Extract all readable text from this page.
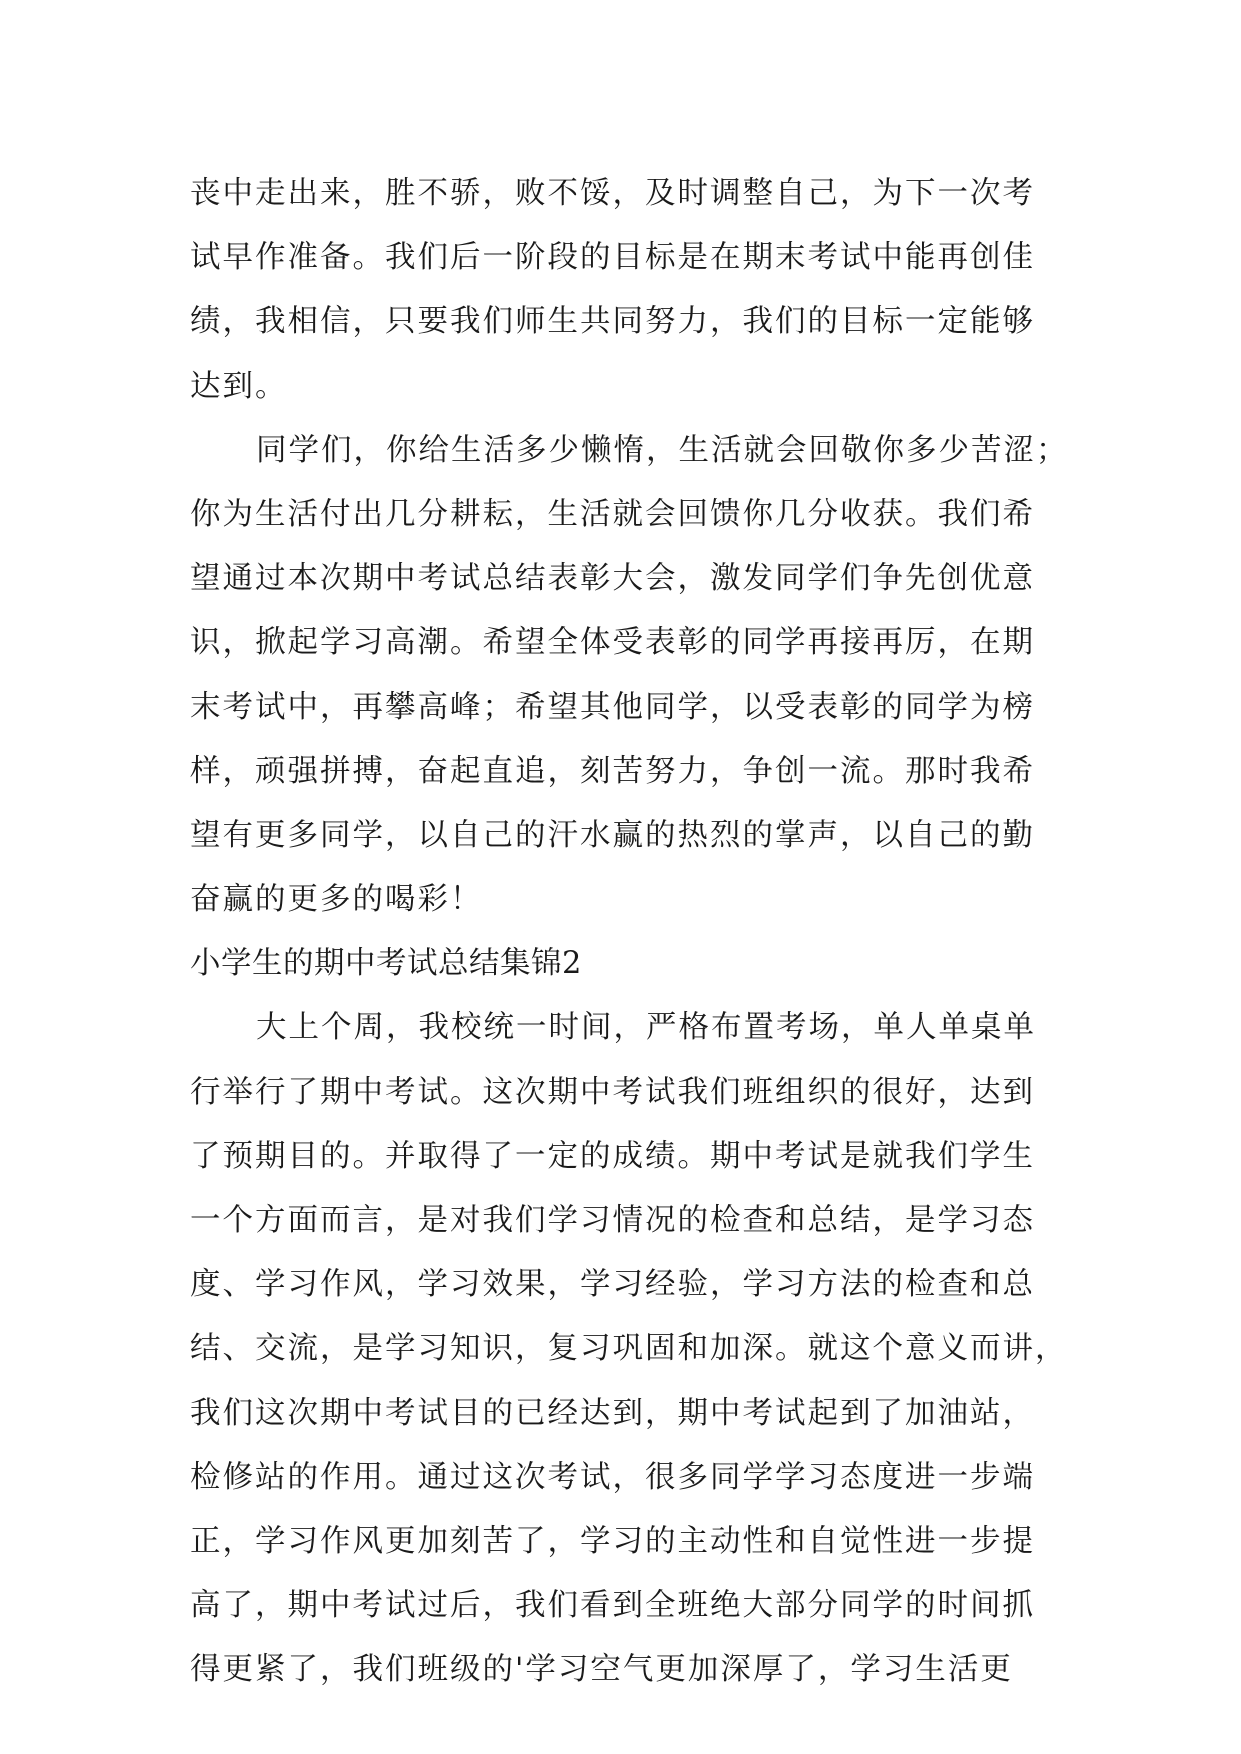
丧中走出来，胜不骄，败不馁，及时调整自己，为下一次考
试早作准备。我们后一阶段的目标是在期末考试中能再创佳
绩，我相信，只要我们师生共同努力，我们的目标一定能够
达到。
同学们，你给生活多少懒惰，生活就会回敬你多少苦涩；
你为生活付出几分耕耘，生活就会回馈你几分收获。我们希
望通过本次期中考试总结表彰大会，激发同学们争先创优意
识，掀起学习高潮。希望全体受表彰的同学再接再厉，在期
末考试中，再攀高峰；希望其他同学，以受表彰的同学为榜
样，顽强拼搏，奋起直追，刻苦努力，争创一流。那时我希
望有更多同学，以自己的汗水赢的热烈的掌声，以自己的勤
奋赢的更多的喝彩！
小学生的期中考试总结集锦2
大上个周，我校统一时间，严格布置考场，单人单桌单
行举行了期中考试。这次期中考试我们班组织的很好，达到
了预期目的。并取得了一定的成绩。期中考试是就我们学生
一个方面而言，是对我们学习情况的检查和总结，是学习态
度、学习作风，学习效果，学习经验，学习方法的检查和总
结、交流，是学习知识，复习巩固和加深。就这个意义而讲，
我们这次期中考试目的已经达到，期中考试起到了加油站，
检修站的作用。通过这次考试，很多同学学习态度进一步端
正，学习作风更加刻苦了，学习的主动性和自觉性进一步提
高了，期中考试过后，我们看到全班绝大部分同学的时间抓
得更紧了，我们班级的'学习空气更加深厚了，学习生活更
